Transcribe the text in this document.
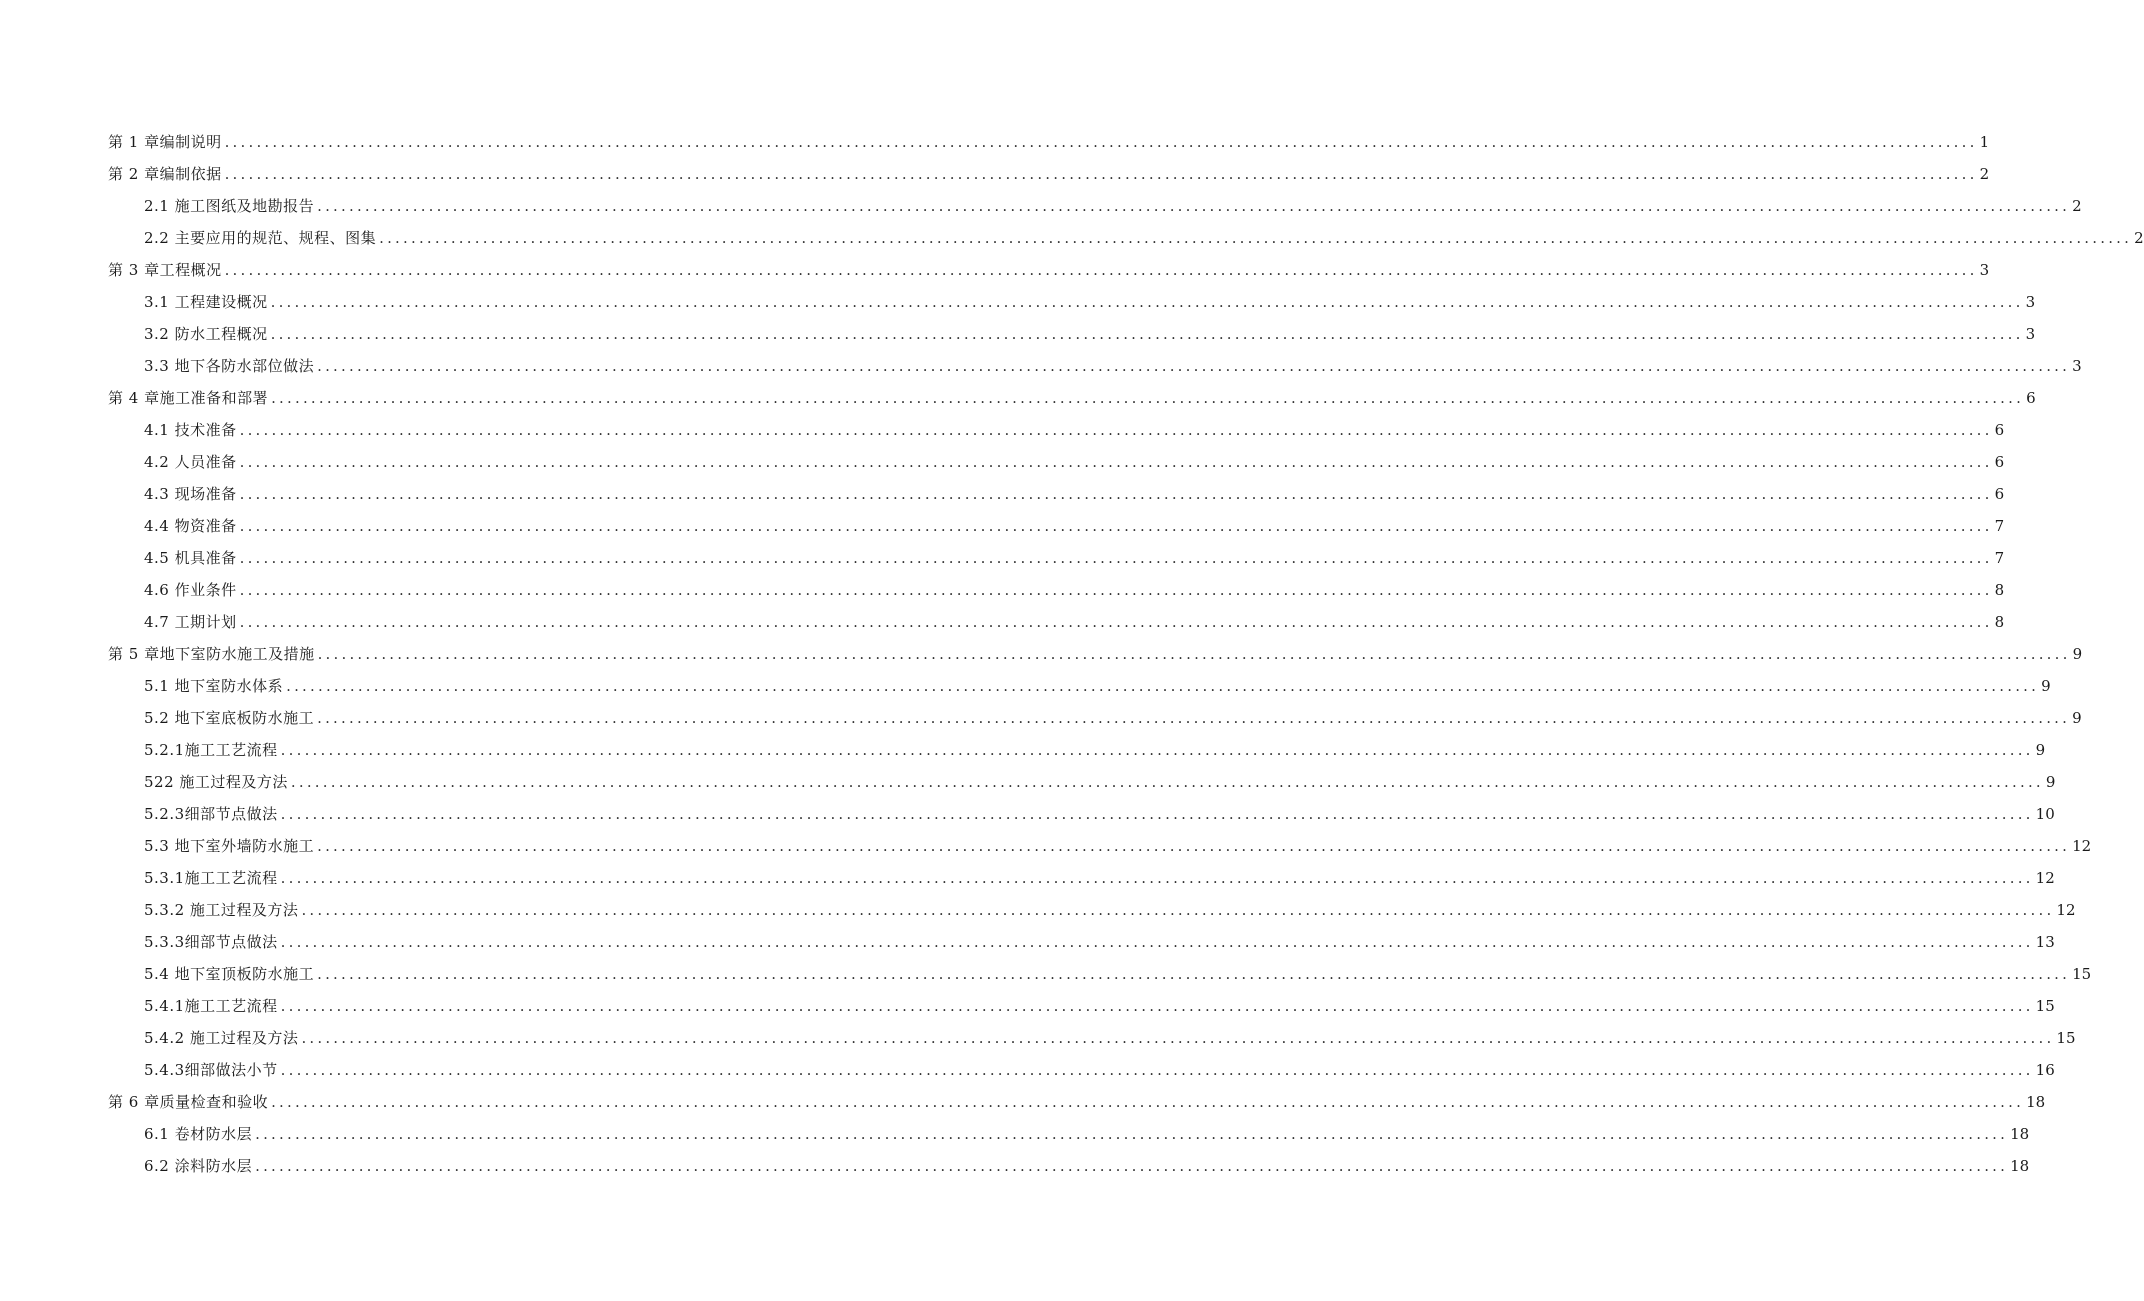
第 1 章编制说明 ............................................................................................................................................................................................................................ 1
第 2 章编制依据 ............................................................................................................................................................................................................................ 2
2.1 施工图纸及地勘报告 ............................................................................................................................................................................................................................ 2
2.2 主要应用的规范、规程、图集 ............................................................................................................................................................................................................................ 2
第 3 章工程概况 ............................................................................................................................................................................................................................ 3
3.1 工程建设概况 ............................................................................................................................................................................................................................ 3
3.2 防水工程概况 ............................................................................................................................................................................................................................ 3
3.3 地下各防水部位做法 ............................................................................................................................................................................................................................ 3
第 4 章施工准备和部署 ............................................................................................................................................................................................................................ 6
4.1 技术准备 ............................................................................................................................................................................................................................ 6
4.2 人员准备 ............................................................................................................................................................................................................................ 6
4.3 现场准备 ............................................................................................................................................................................................................................ 6
4.4 物资准备 ............................................................................................................................................................................................................................ 7
4.5 机具准备 ............................................................................................................................................................................................................................ 7
4.6 作业条件 ............................................................................................................................................................................................................................ 8
4.7 工期计划 ............................................................................................................................................................................................................................ 8
第 5 章地下室防水施工及措施 ............................................................................................................................................................................................................................ 9
5.1 地下室防水体系 ............................................................................................................................................................................................................................ 9
5.2 地下室底板防水施工 ............................................................................................................................................................................................................................ 9
5.2.1施工工艺流程 ............................................................................................................................................................................................................................ 9
522 施工过程及方法 ............................................................................................................................................................................................................................ 9
5.2.3细部节点做法 ............................................................................................................................................................................................................................ 10
5.3 地下室外墙防水施工 ............................................................................................................................................................................................................................ 12
5.3.1施工工艺流程 ............................................................................................................................................................................................................................ 12
5.3.2 施工过程及方法 ............................................................................................................................................................................................................................ 12
5.3.3细部节点做法 ............................................................................................................................................................................................................................ 13
5.4 地下室顶板防水施工 ............................................................................................................................................................................................................................ 15
5.4.1施工工艺流程 ............................................................................................................................................................................................................................ 15
5.4.2 施工过程及方法 ............................................................................................................................................................................................................................ 15
5.4.3细部做法小节 ............................................................................................................................................................................................................................ 16
第 6 章质量检查和验收 ............................................................................................................................................................................................................................ 18
6.1 卷材防水层 ............................................................................................................................................................................................................................ 18
6.2 涂料防水层 ............................................................................................................................................................................................................................ 18
